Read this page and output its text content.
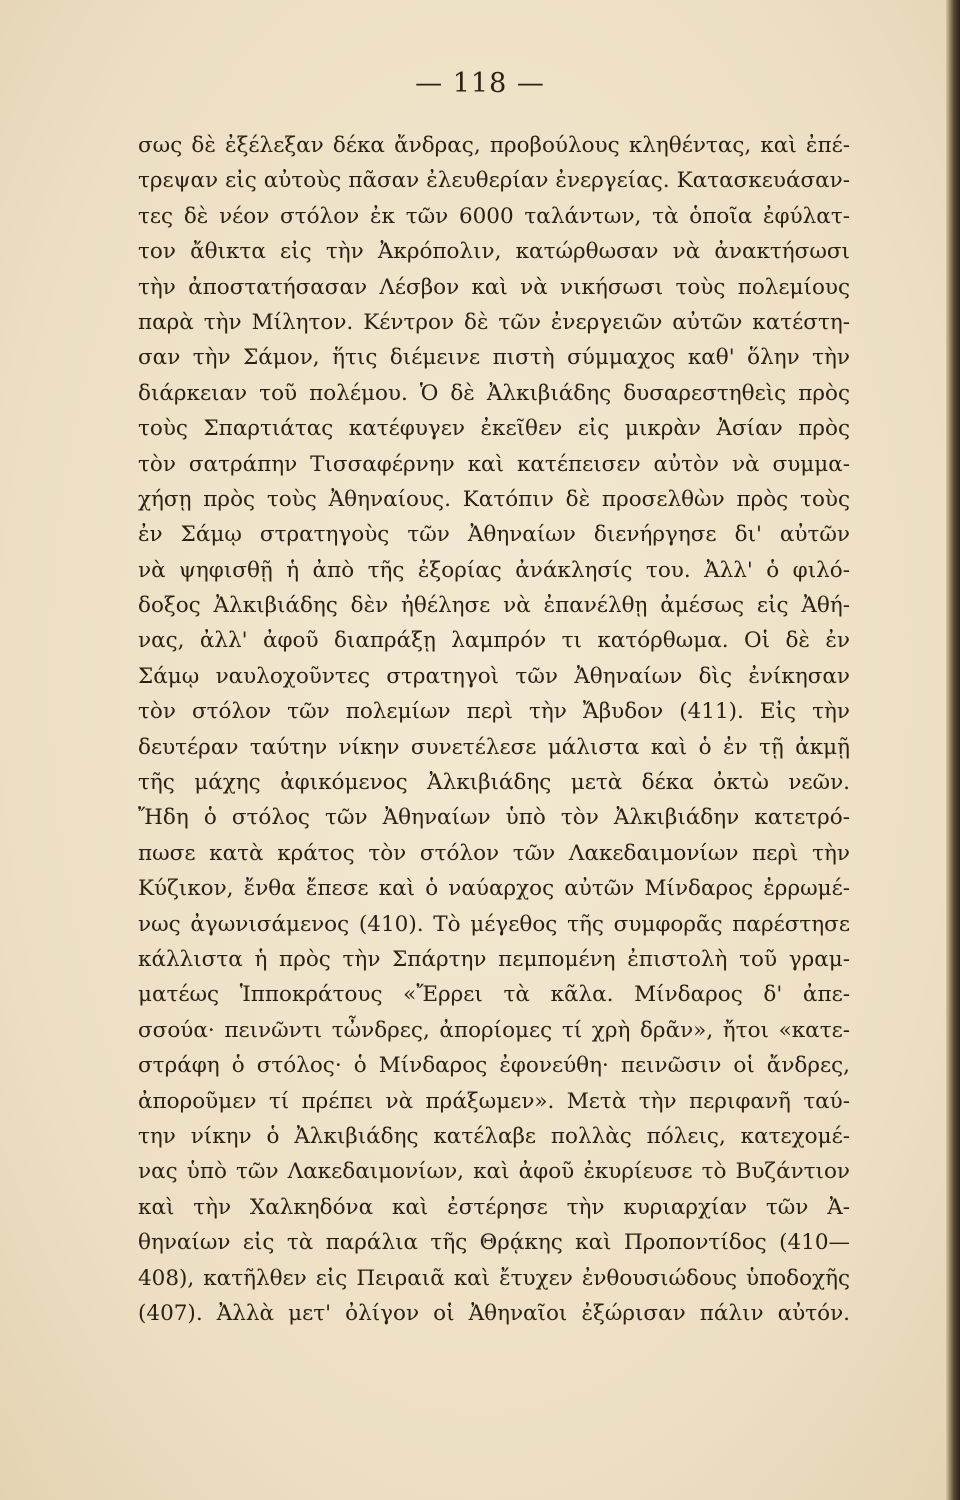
— 118 —
σως δὲ ἐξέλεξαν δέκα ἄνδρας, προβούλους κληθέντας, καὶ ἐπέ-
τρεψαν εἰς αὐτοὺς πᾶσαν ἐλευθερίαν ἐνεργείας. Κατασκευάσαν-
τες δὲ νέον στόλον ἐκ τῶν 6000 ταλάντων, τὰ ὁποῖα ἐφύλατ-
τον ἄθικτα εἰς τὴν Ἀκρόπολιν, κατώρθωσαν νὰ ἀνακτήσωσι
τὴν ἀποστατήσασαν Λέσβον καὶ νὰ νικήσωσι τοὺς πολεμίους
παρὰ τὴν Μίλητον. Κέντρον δὲ τῶν ἐνεργειῶν αὐτῶν κατέστη-
σαν τὴν Σάμον, ἥτις διέμεινε πιστὴ σύμμαχος καθ' ὅλην τὴν
διάρκειαν τοῦ πολέμου. Ὁ δὲ Ἀλκιβιάδης δυσαρεστηθεὶς πρὸς
τοὺς Σπαρτιάτας κατέφυγεν ἐκεῖθεν εἰς μικρὰν Ἀσίαν πρὸς
τὸν σατράπην Τισσαφέρνην καὶ κατέπεισεν αὐτὸν νὰ συμμα-
χήσῃ πρὸς τοὺς Ἀθηναίους. Κατόπιν δὲ προσελθὼν πρὸς τοὺς
ἐν Σάμῳ στρατηγοὺς τῶν Ἀθηναίων διενήργησε δι' αὐτῶν
νὰ ψηφισθῇ ἡ ἀπὸ τῆς ἐξορίας ἀνάκλησίς του. Ἀλλ' ὁ φιλό-
δοξος Ἀλκιβιάδης δὲν ἠθέλησε νὰ ἐπανέλθῃ ἀμέσως εἰς Ἀθή-
νας, ἀλλ' ἀφοῦ διαπράξῃ λαμπρόν τι κατόρθωμα. Οἱ δὲ ἐν
Σάμῳ ναυλοχοῦντες στρατηγοὶ τῶν Ἀθηναίων δὶς ἐνίκησαν
τὸν στόλον τῶν πολεμίων περὶ τὴν Ἄβυδον (411). Εἰς τὴν
δευτέραν ταύτην νίκην συνετέλεσε μάλιστα καὶ ὁ ἐν τῇ ἀκμῇ
τῆς μάχης ἀφικόμενος Ἀλκιβιάδης μετὰ δέκα ὀκτὼ νεῶν.
Ἤδη ὁ στόλος τῶν Ἀθηναίων ὑπὸ τὸν Ἀλκιβιάδην κατετρό-
πωσε κατὰ κράτος τὸν στόλον τῶν Λακεδαιμονίων περὶ τὴν
Κύζικον, ἔνθα ἔπεσε καὶ ὁ ναύαρχος αὐτῶν Μίνδαρος ἐρρωμέ-
νως ἀγωνισάμενος (410). Τὸ μέγεθος τῆς συμφορᾶς παρέστησε
κάλλιστα ἡ πρὸς τὴν Σπάρτην πεμπομένη ἐπιστολὴ τοῦ γραμ-
ματέως Ἱπποκράτους «Ἔρρει τὰ κᾶλα. Μίνδαρος δ' ἀπε-
σσούα· πεινῶντι τὦνδρες, ἀπορίομες τί χρὴ δρᾶν», ἤτοι «κατε-
στράφη ὁ στόλος· ὁ Μίνδαρος ἐφονεύθη· πεινῶσιν οἱ ἄνδρες,
ἀποροῦμεν τί πρέπει νὰ πράξωμεν». Μετὰ τὴν περιφανῆ ταύ-
την νίκην ὁ Ἀλκιβιάδης κατέλαβε πολλὰς πόλεις, κατεχομέ-
νας ὑπὸ τῶν Λακεδαιμονίων, καὶ ἀφοῦ ἐκυρίευσε τὸ Βυζάντιον
καὶ τὴν Χαλκηδόνα καὶ ἐστέρησε τὴν κυριαρχίαν τῶν Ἀ-
θηναίων εἰς τὰ παράλια τῆς Θρᾴκης καὶ Προποντίδος (410—
408), κατῆλθεν εἰς Πειραιᾶ καὶ ἔτυχεν ἐνθουσιώδους ὑποδοχῆς
(407). Ἀλλὰ μετ' ὀλίγον οἱ Ἀθηναῖοι ἐξώρισαν πάλιν αὐτόν.
